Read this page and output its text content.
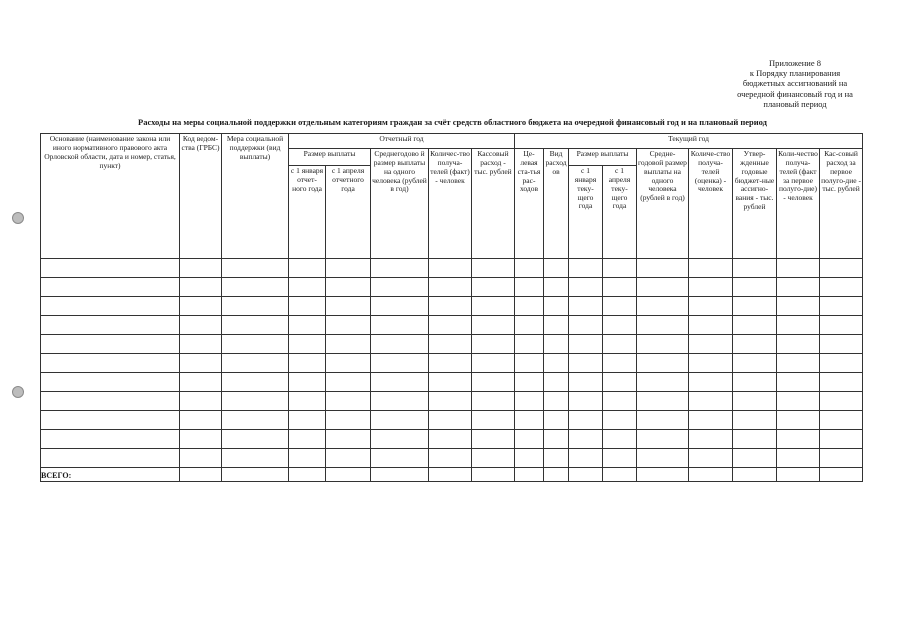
Приложение 8
к Порядку планирования
бюджетных ассигнований на
очередной финансовый год и на
плановый период
Расходы на меры социальной поддержки отдельным категориям граждан за счёт средств областного бюджета на очередной финансовый год и на плановый период
Основание (наименование закона или иного нормативного правового акта Орловской области, дата и номер, статья, пункт)	Код ведом-ства (ГРБС)	Мера социальной поддержки (вид выплаты)	Отчетный год					Текущий год								
			Размер выплаты		Среднегодово й размер выплаты на одного человека (рублей в год)	Количес-тво получа-телей (факт) - человек	Кассовый расход - тыс. рублей	Це-левая ста-тья рас-ходов	Вид расход ов	Размер выплаты		Средне-годовой размер выплаты на одного человека (рублей в год)	Количе-ство получа-телей (оценка) - человек	Утвер-жденные годовые бюджет-ные ассигно-вания - тыс. рублей	Коли-чество получа-телей (факт за первое полуго-дие) - человек	Кас-совый расход за первое полуго-дие - тыс. рублей
			с 1 января отчет-ного года	с 1 апреля отчетного года						с 1 января теку-щего года	с 1 апреля теку-щего года					

ВСЕГО:																
